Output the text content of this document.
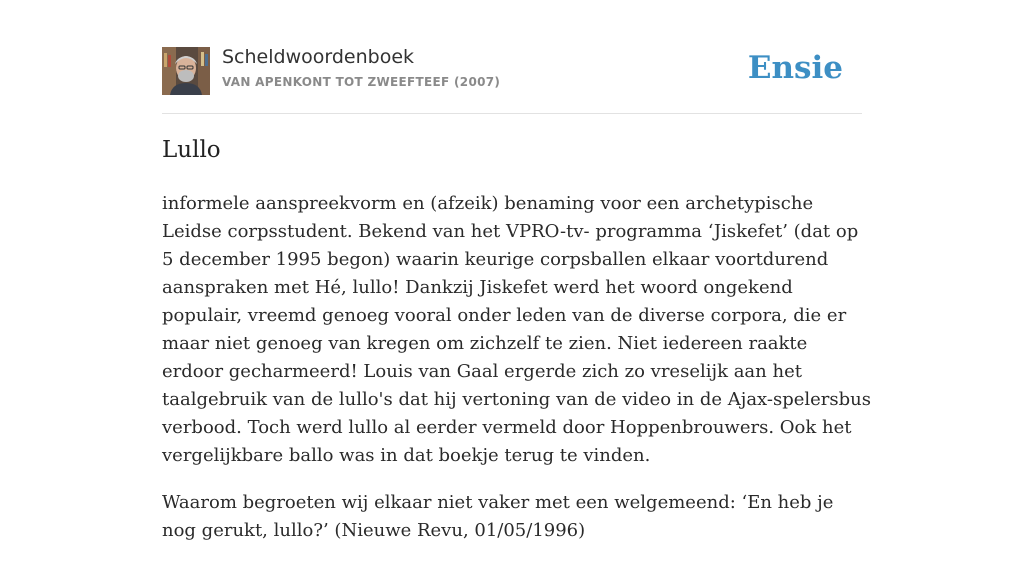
Scheldwoordenboek
VAN APENKONT TOT ZWEEFTEEF (2007)	Ensie
Lullo

informele aanspreekvorm en (afzeik) benaming voor een archetypische Leidse corpsstudent. Bekend van het VPRO-tv- programma ‘Jiskefet’ (dat op 5 december 1995 begon) waarin keurige corpsballen elkaar voortdurend aanspraken met Hé, lullo! Dankzij Jiskefet werd het woord ongekend populair, vreemd genoeg vooral onder leden van de diverse corpora, die er maar niet genoeg van kregen om zichzelf te zien. Niet iedereen raakte erdoor gecharmeerd! Louis van Gaal ergerde zich zo vreselijk aan het taalgebruik van de lullo's dat hij vertoning van de video in de Ajax-spelersbus verbood. Toch werd lullo al eerder vermeld door Hoppenbrouwers. Ook het vergelijkbare ballo was in dat boekje terug te vinden.

Waarom begroeten wij elkaar niet vaker met een welgemeend: ‘En heb je nog gerukt, lullo?’ (Nieuwe Revu, 01/05/1996)
